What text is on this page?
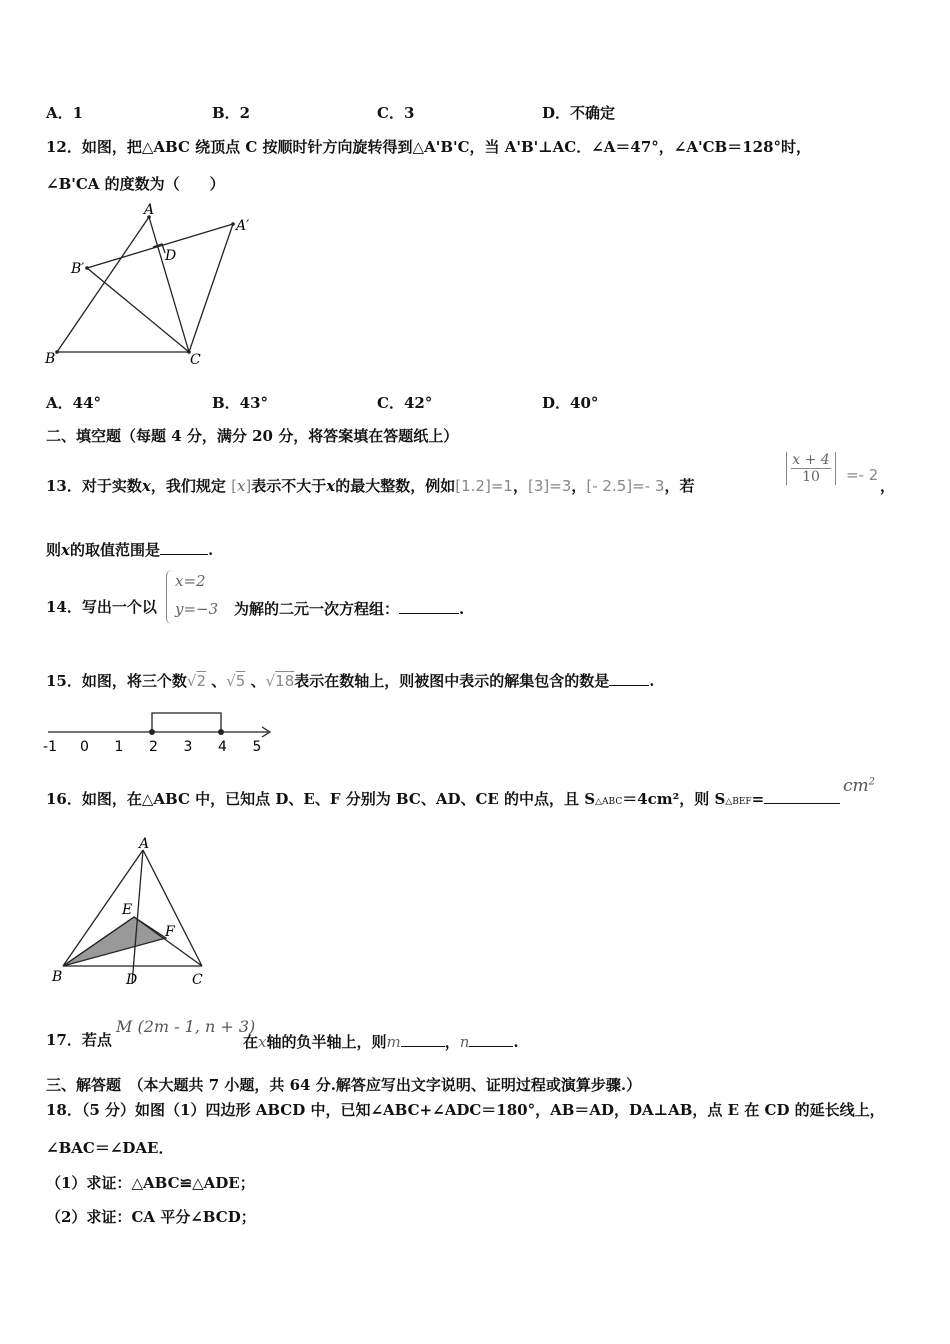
A．1	B．2	C．3	D．不确定
12．如图，把△ABC 绕顶点 C 按顺时针方向旋转得到△A'B'C，当 A'B'⊥AC．∠A＝47°，∠A'CB＝128°时，
∠B'CA 的度数为（　　）
A
A′
B′
D
B	C
A．44°	B．43°	C．42°	D．40°
二、填空题（每题 4 分，满分 20 分，将答案填在答题纸上）
13．对于实数x，我们规定 [x]表示不大于x的最大整数，例如[1.2]=1，[3]=3，[- 2.5]=- 3，若
x + 4
10	=- 2
，
则x的取值范围是	.
14．写出一个以
x=2
y=−3 为解的二元一次方程组：	.
15．如图，将三个数√2 、√5 、√18表示在数轴上，则被图中表示的解集包含的数是	.
-1 0 1 2 3 4 5
16．如图，在△ABC 中，已知点 D、E、F 分别为 BC、AD、CE 的中点，且 S△ABC＝4cm²，则 S△BEF=
$cm^2$
A
E
F
B	D	C
17．若点
M (2m - 1, n + 3)
在x轴的负半轴上，则m	，n	.
三、解答题　（本大题共 7 小题，共 64 分.解答应写出文字说明、证明过程或演算步骤.）
18．（5 分）如图（1）四边形 ABCD 中，已知∠ABC+∠ADC＝180°，AB＝AD，DA⊥AB，点 E 在 CD 的延长线上，
∠BAC＝∠DAE．
（1）求证：△ABC≌△ADE；
（2）求证：CA 平分∠BCD；
